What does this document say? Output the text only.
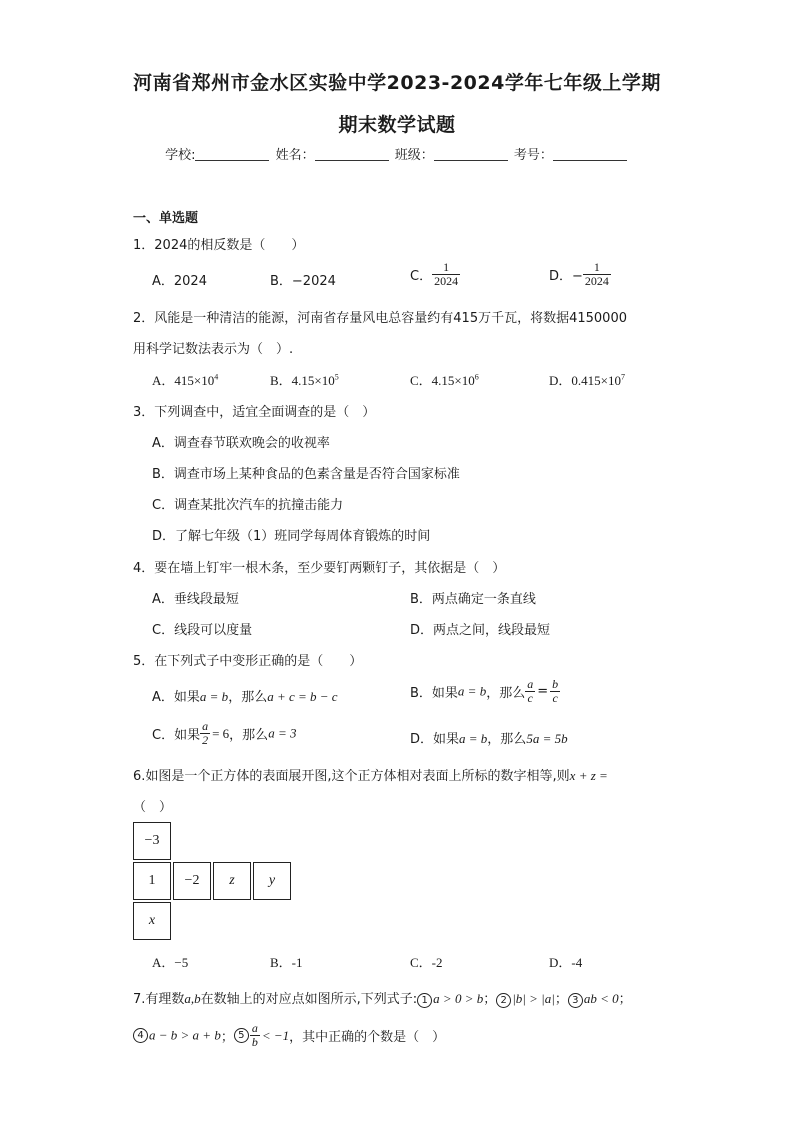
河南省郑州市金水区实验中学2023-2024学年七年级上学期
期末数学试题
学校:	姓名：	班级：	考号：
一、单选题
1．2024的相反数是（　　）
A．2024	B．−2024	C． $\frac{1}{2024}$	D．− $\frac{1}{2024}$
2．风能是一种清洁的能源，河南省存量风电总容量约有415万千瓦，将数据4150000
用科学记数法表示为（　）.
A．$415\times 10^4$	B．$4.15\times 10^5$	C．$4.15\times 10^6$	D．$0.415\times 10^7$
3．下列调查中，适宜全面调查的是（　）
A．调查春节联欢晚会的收视率
B．调查市场上某种食品的色素含量是否符合国家标准
C．调查某批次汽车的抗撞击能力
D．了解七年级（1）班同学每周体育锻炼的时间
4．要在墙上钉牢一根木条，至少要钉两颗钉子，其依据是（　）
A．垂线段最短	B．两点确定一条直线
C．线段可以度量	D．两点之间，线段最短
5．在下列式子中变形正确的是（　　）
A．如果a = b，那么a + c = b − c	B．如果a = b，那么 $\frac{a}{c} = \frac{b}{c}$
C．如果 $\frac{a}{2} = 6$，那么a = 3	D．如果a = b，那么5a = 5b
6.如图是一个正方体的表面展开图,这个正方体相对表面上所标的数字相等,则x + z =
（　）
−3
1	−2	z	y
x
A．−5	B．-1	C．-2	D．-4
7.有理数a,b在数轴上的对应点如图所示,下列式子: 1 a > 0 > b； 2 |b| > |a|； 3 ab < 0；
4 a − b > a + b； $5 \frac{a}{b} < -1$，其中正确的个数是（　）
